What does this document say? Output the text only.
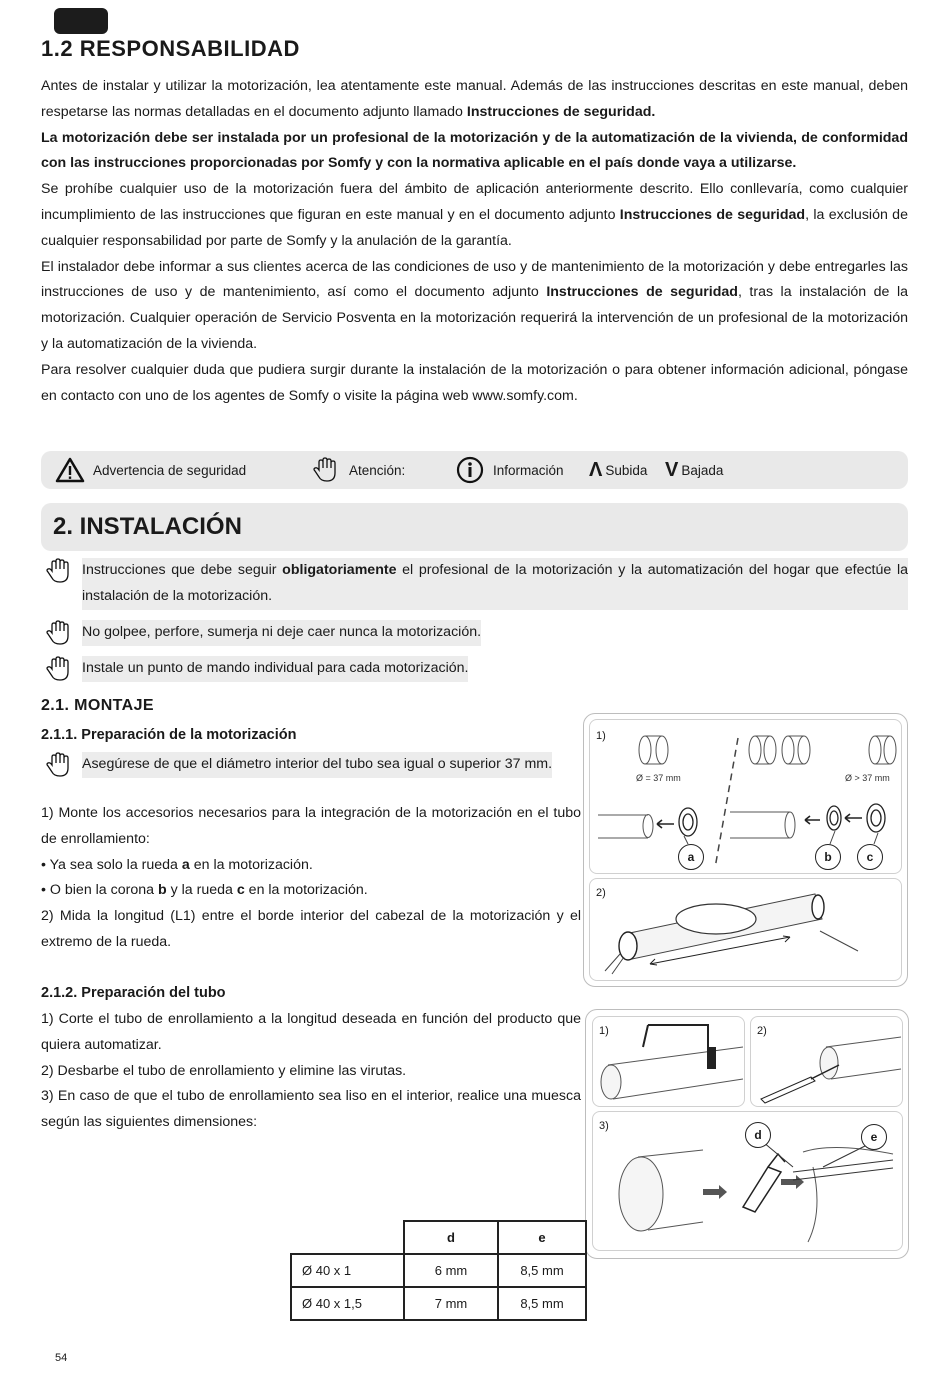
1.2 RESPONSABILIDAD

Antes de instalar y utilizar la motorización, lea atentamente este manual. Además de las instrucciones descritas en este manual, deben respetarse las normas detalladas en el documento adjunto llamado Instrucciones de seguridad.

La motorización debe ser instalada por un profesional de la motorización y de la automatización de la vivienda, de conformidad con las instrucciones proporcionadas por Somfy y con la normativa aplicable en el país donde vaya a utilizarse.

Se prohíbe cualquier uso de la motorización fuera del ámbito de aplicación anteriormente descrito. Ello conllevaría, como cualquier incumplimiento de las instrucciones que figuran en este manual y en el documento adjunto Instrucciones de seguridad, la exclusión de cualquier responsabilidad por parte de Somfy y la anulación de la garantía.

El instalador debe informar a sus clientes acerca de las condiciones de uso y de mantenimiento de la motorización y debe entregarles las instrucciones de uso y de mantenimiento, así como el documento adjunto Instrucciones de seguridad, tras la instalación de la motorización. Cualquier operación de Servicio Posventa en la motorización requerirá la intervención de un profesional de la motorización y la automatización de la vivienda.

Para resolver cualquier duda que pudiera surgir durante la instalación de la motorización o para obtener información adicional, póngase en contacto con uno de los agentes de Somfy o visite la página web www.somfy.com.

Advertencia de seguridad	Atención:	Información Λ Subida V Bajada
2. INSTALACIÓN
Instrucciones que debe seguir obligatoriamente el profesional de la motorización y la automatización del hogar que efectúe la instalación de la motorización.
No golpee, perfore, sumerja ni deje caer nunca la motorización.
Instale un punto de mando individual para cada motorización.
2.1. MONTAJE
2.1.1. Preparación de la motorización
Asegúrese de que el diámetro interior del tubo sea igual o superior 37 mm.

1) Monte los accesorios necesarios para la integración de la motorización en el tubo de enrollamiento:

• Ya sea solo la rueda a en la motorización.

• O bien la corona b y la rueda c en la motorización.

2) Mida la longitud (L1) entre el borde interior del cabezal de la motorización y el extremo de la rueda.

2.1.2. Preparación del tubo

1) Corte el tubo de enrollamiento a la longitud deseada en función del producto que quiera automatizar.

2) Desbarbe el tubo de enrollamiento y elimine las virutas.

3) En caso de que el tubo de enrollamiento sea liso en el interior, realice una muesca según las siguientes dimensiones:

1)
Ø = 37 mm	Ø > 37 mm
a	b	c
2)
1)	2)
3)
d	e
	d	e
Ø 40 x 1	6 mm	8,5 mm
Ø 40 x 1,5	7 mm	8,5 mm
54
